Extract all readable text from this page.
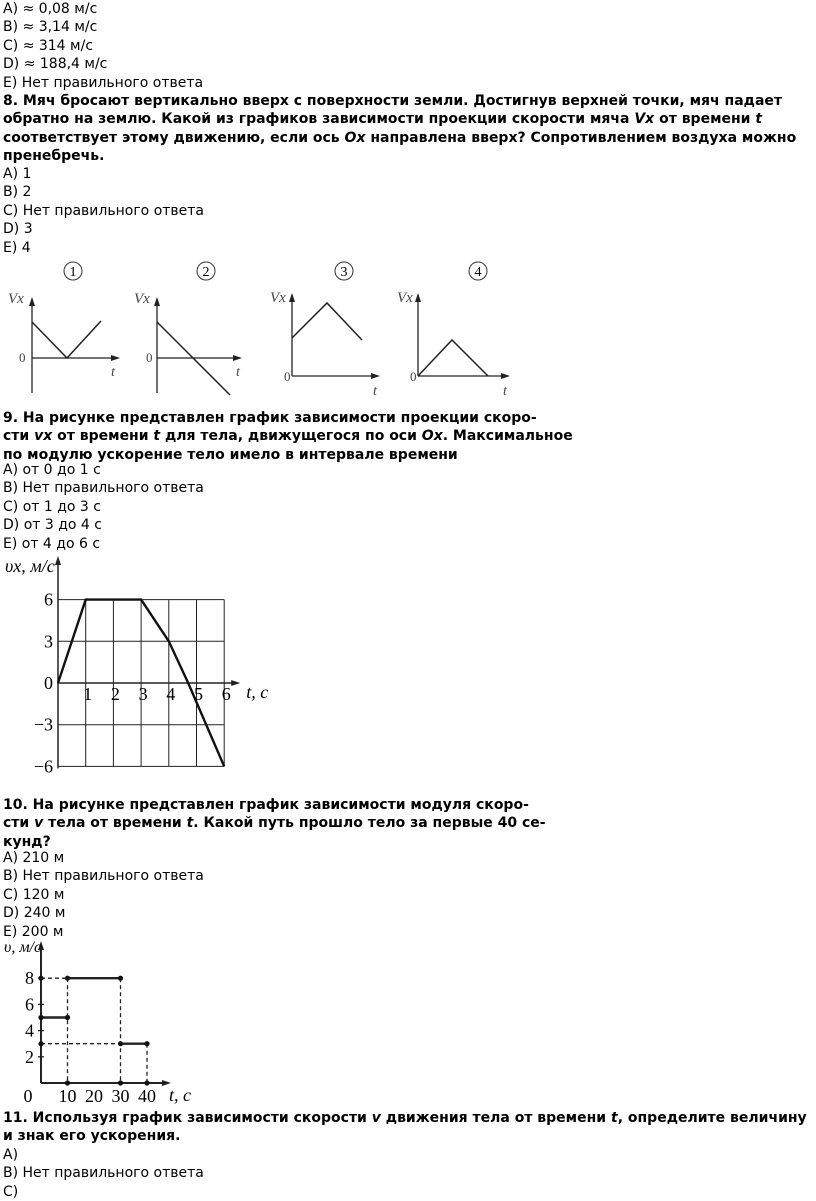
A) ≈ 0,08 м/с
B) ≈ 3,14 м/с
C) ≈ 314 м/с
D) ≈ 188,4 м/с
E) Нет правильного ответа
8. Мяч бросают вертикально вверх с поверхности земли. Достигнув верхней точки, мяч падает обратно на землю. Какой из графиков зависимости проекции скорости мяча Vx от времени t соответствует этому движению, если ось Ox направлена вверх? Сопротивлением воздуха можно пренебречь.
A) 1
B) 2
C) Нет правильного ответа
D) 3
E) 4
1
Vx
0
t
2
Vx
0
t
3
Vx
0
t
4
Vx
0
t
1 2 3 4 5 6
6
3
0
−3
−6
t, c
υx, м/с
0 10 20 30 40
8
6
4
2
t, c
υ, м/с
9. На рисунке представлен график зависимости проекции скоро-
сти vx от времени t для тела, движущегося по оси Ox. Максимальное
по модулю ускорение тело имело в интервале времени
A) от 0 до 1 с
B) Нет правильного ответа
C) от 1 до 3 с
D) от 3 до 4 с
E) от 4 до 6 с
10. На рисунке представлен график зависимости модуля скоро-
сти v тела от времени t. Какой путь прошло тело за первые 40 се-
кунд?
A) 210 м
B) Нет правильного ответа
C) 120 м
D) 240 м
E) 200 м
11. Используя график зависимости скорости v движения тела от времени t, определите величину и знак его ускорения.
A)
B) Нет правильного ответа
C)
